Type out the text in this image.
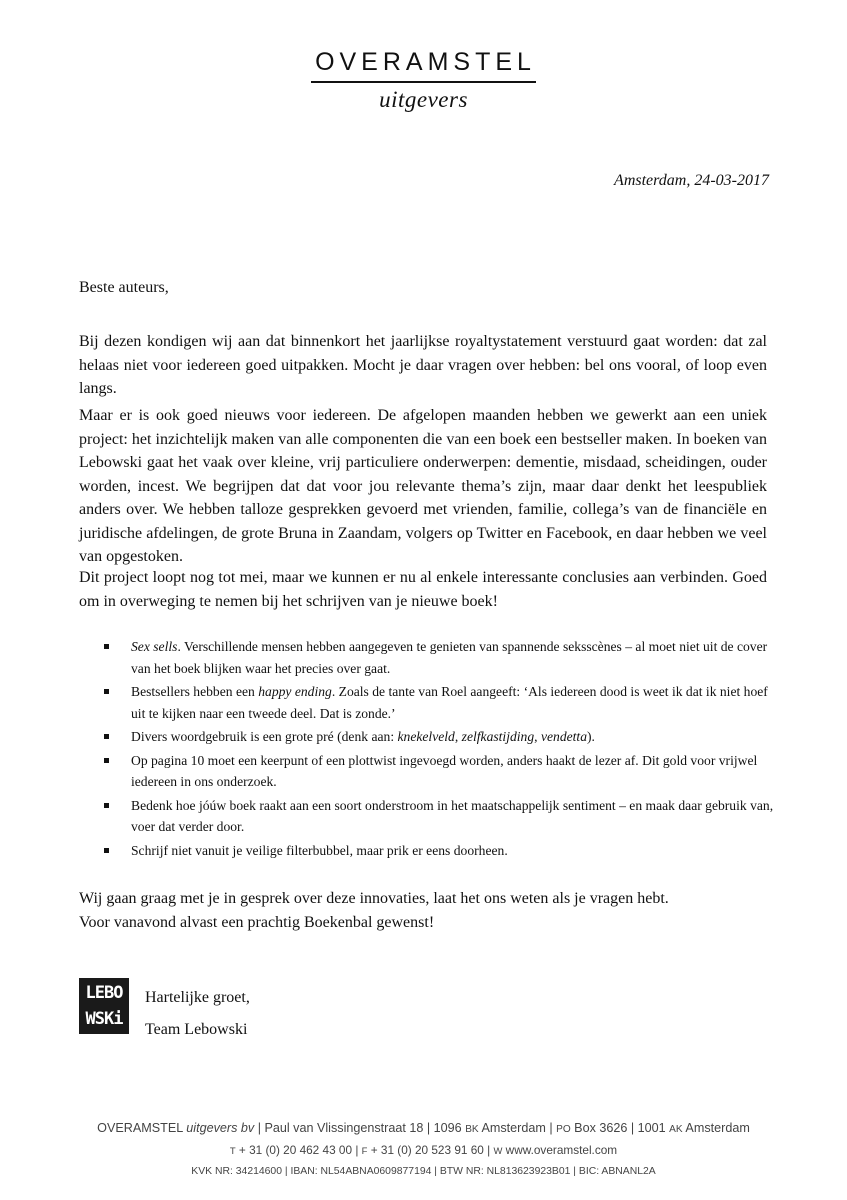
OVERAMSTEL
uitgevers
Amsterdam, 24-03-2017
Beste auteurs,

Bij dezen kondigen wij aan dat binnenkort het jaarlijkse royaltystatement verstuurd gaat worden: dat zal helaas niet voor iedereen goed uitpakken. Mocht je daar vragen over hebben: bel ons vooral, of loop even langs.

Maar er is ook goed nieuws voor iedereen. De afgelopen maanden hebben we gewerkt aan een uniek project: het inzichtelijk maken van alle componenten die van een boek een bestseller maken. In boeken van Lebowski gaat het vaak over kleine, vrij particuliere onderwerpen: dementie, misdaad, scheidingen, ouder worden, incest. We begrijpen dat dat voor jou relevante thema’s zijn, maar daar denkt het leespubliek anders over. We hebben talloze gesprekken gevoerd met vrienden, familie, collega’s van de financiële en juridische afdelingen, de grote Bruna in Zaandam, volgers op Twitter en Facebook, en daar hebben we veel van opgestoken.

Dit project loopt nog tot mei, maar we kunnen er nu al enkele interessante conclusies aan verbinden. Goed om in overweging te nemen bij het schrijven van je nieuwe boek!

Sex sells. Verschillende mensen hebben aangegeven te genieten van spannende seksscènes – al moet niet uit de cover van het boek blijken waar het precies over gaat.
Bestsellers hebben een happy ending. Zoals de tante van Roel aangeeft: ‘Als iedereen dood is weet ik dat ik niet hoef uit te kijken naar een tweede deel. Dat is zonde.’
Divers woordgebruik is een grote pré (denk aan: knekelveld, zelfkastijding, vendetta).
Op pagina 10 moet een keerpunt of een plottwist ingevoegd worden, anders haakt de lezer af. Dit gold voor vrijwel iedereen in ons onderzoek.
Bedenk hoe jóúw boek raakt aan een soort onderstroom in het maatschappelijk sentiment – en maak daar gebruik van, voer dat verder door.
Schrijf niet vanuit je veilige filterbubbel, maar prik er eens doorheen.
Wij gaan graag met je in gesprek over deze innovaties, laat het ons weten als je vragen hebt.
Voor vanavond alvast een prachtig Boekenbal gewenst!
LEBO
WSKi
Hartelijke groet,
Team Lebowski
OVERAMSTEL uitgevers bv | Paul van Vlissingenstraat 18 | 1096 BK Amsterdam | PO Box 3626 | 1001 AK Amsterdam
T + 31 (0) 20 462 43 00 | F + 31 (0) 20 523 91 60 | W www.overamstel.com
KVK NR: 34214600 | IBAN: NL54ABNA0609877194 | BTW NR: NL813623923B01 | BIC: ABNANL2A
